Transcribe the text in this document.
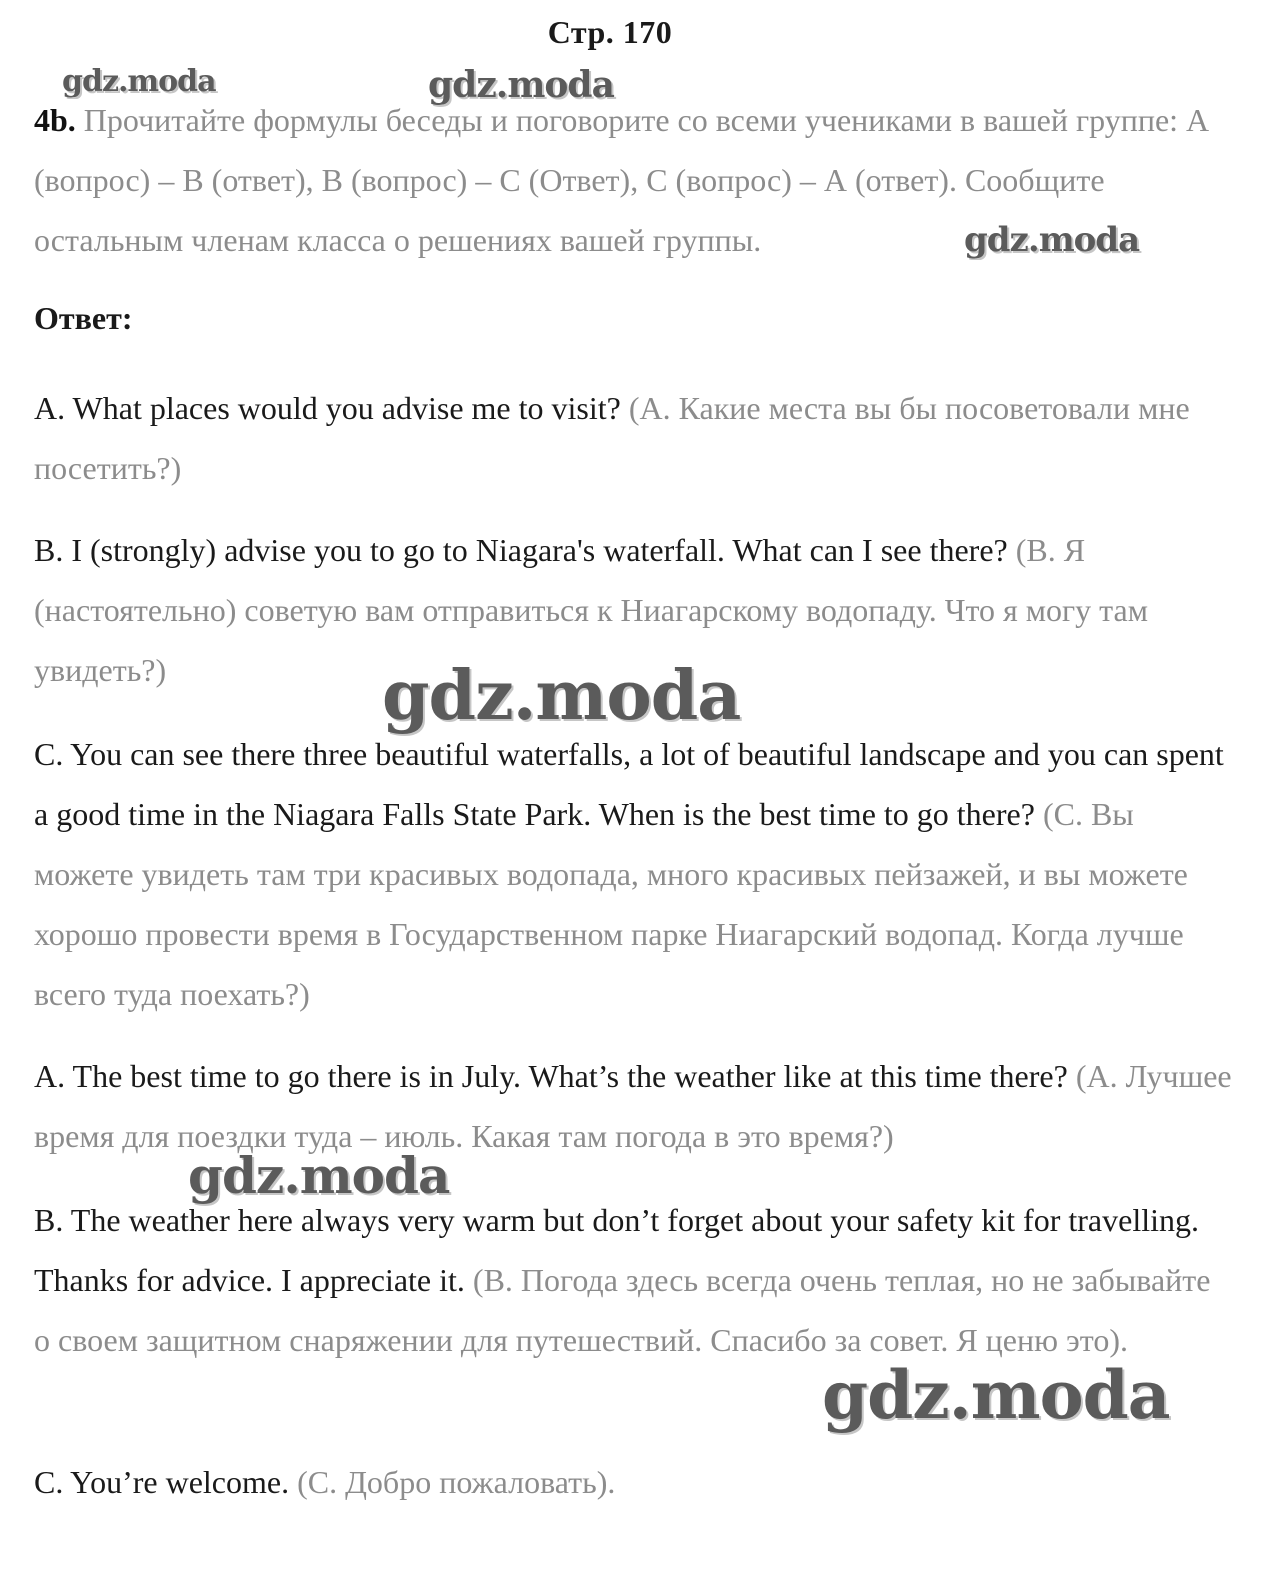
Стр. 170
4b. Прочитайте формулы беседы и поговорите со всеми учениками в вашей группе: А (вопрос) – В (ответ), В (вопрос) – С (Ответ), С (вопрос) – А (ответ). Сообщите остальным членам класса о решениях вашей группы.
Ответ:
A. What places would you advise me to visit? (А. Какие места вы бы посоветовали мне посетить?)
B. I (strongly) advise you to go to Niagara's waterfall. What can I see there? (В. Я (настоятельно) советую вам отправиться к Ниагарскому водопаду. Что я могу там увидеть?)
C. You can see there three beautiful waterfalls, a lot of beautiful landscape and you can spent a good time in the Niagara Falls State Park. When is the best time to go there? (С. Вы можете увидеть там три красивых водопада, много красивых пейзажей, и вы можете хорошо провести время в Государственном парке Ниагарский водопад. Когда лучше всего туда поехать?)
A. The best time to go there is in July. What’s the weather like at this time there? (А. Лучшее время для поездки туда – июль. Какая там погода в это время?)
B. The weather here always very warm but don’t forget about your safety kit for travelling. Thanks for advice. I appreciate it. (В. Погода здесь всегда очень теплая, но не забывайте о своем защитном снаряжении для путешествий. Спасибо за совет. Я ценю это).
C. You’re welcome. (С. Добро пожаловать).
gdz.moda	gdz.moda
gdz.moda
gdz.moda
gdz.moda
gdz.moda
